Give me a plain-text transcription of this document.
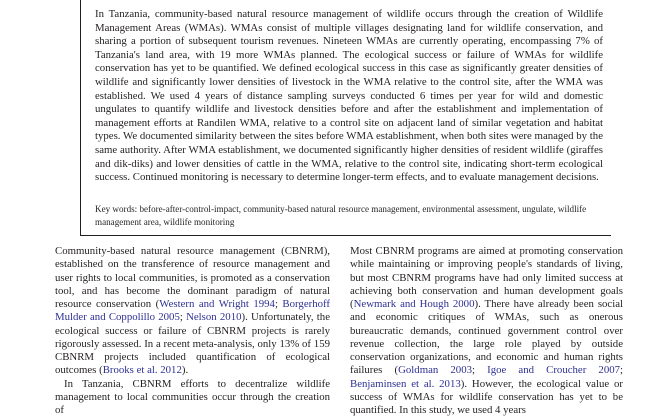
In Tanzania, community-based natural resource management of wildlife occurs through the creation of Wildlife Management Areas (WMAs). WMAs consist of multiple villages designating land for wildlife conservation, and sharing a portion of subsequent tourism revenues. Nineteen WMAs are currently operating, encompassing 7% of Tanzania's land area, with 19 more WMAs planned. The ecological success or failure of WMAs for wildlife conservation has yet to be quantified. We defined ecological success in this case as significantly greater densities of wildlife and significantly lower densities of livestock in the WMA relative to the control site, after the WMA was established. We used 4 years of distance sampling surveys conducted 6 times per year for wild and domestic ungulates to quantify wildlife and livestock densities before and after the establishment and implementation of management efforts at Randilen WMA, relative to a control site on adjacent land of similar vegetation and habitat types. We documented similarity between the sites before WMA establishment, when both sites were managed by the same authority. After WMA establishment, we documented significantly higher densities of resident wildlife (giraffes and dik-diks) and lower densities of cattle in the WMA, relative to the control site, indicating short-term ecological success. Continued monitoring is necessary to determine longer-term effects, and to evaluate management decisions.

Key words: before-after-control-impact, community-based natural resource management, environmental assessment, ungulate, wildlife management area, wildlife monitoring

Community-based natural resource management (CBNRM), established on the transference of resource management and user rights to local communities, is promoted as a conservation tool, and has become the dominant paradigm of natural resource conservation (Western and Wright 1994; Borgerhoff Mulder and Coppolillo 2005; Nelson 2010). Unfortunately, the ecological success or failure of CBNRM projects is rarely rigorously assessed. In a recent meta-analysis, only 13% of 159 CBNRM projects included quantification of ecological outcomes (Brooks et al. 2012).

In Tanzania, CBNRM efforts to decentralize wildlife management to local communities occur through the creation of

Most CBNRM programs are aimed at promoting conservation while maintaining or improving people's standards of living, but most CBNRM programs have had only limited success at achieving both conservation and human development goals (Newmark and Hough 2000). There have already been social and economic critiques of WMAs, such as onerous bureaucratic demands, continued government control over revenue collection, the large role played by outside conservation organizations, and economic and human rights failures (Goldman 2003; Igoe and Croucher 2007; Benjaminsen et al. 2013). However, the ecological value or success of WMAs for wildlife conservation has yet to be quantified. In this study, we used 4 years
